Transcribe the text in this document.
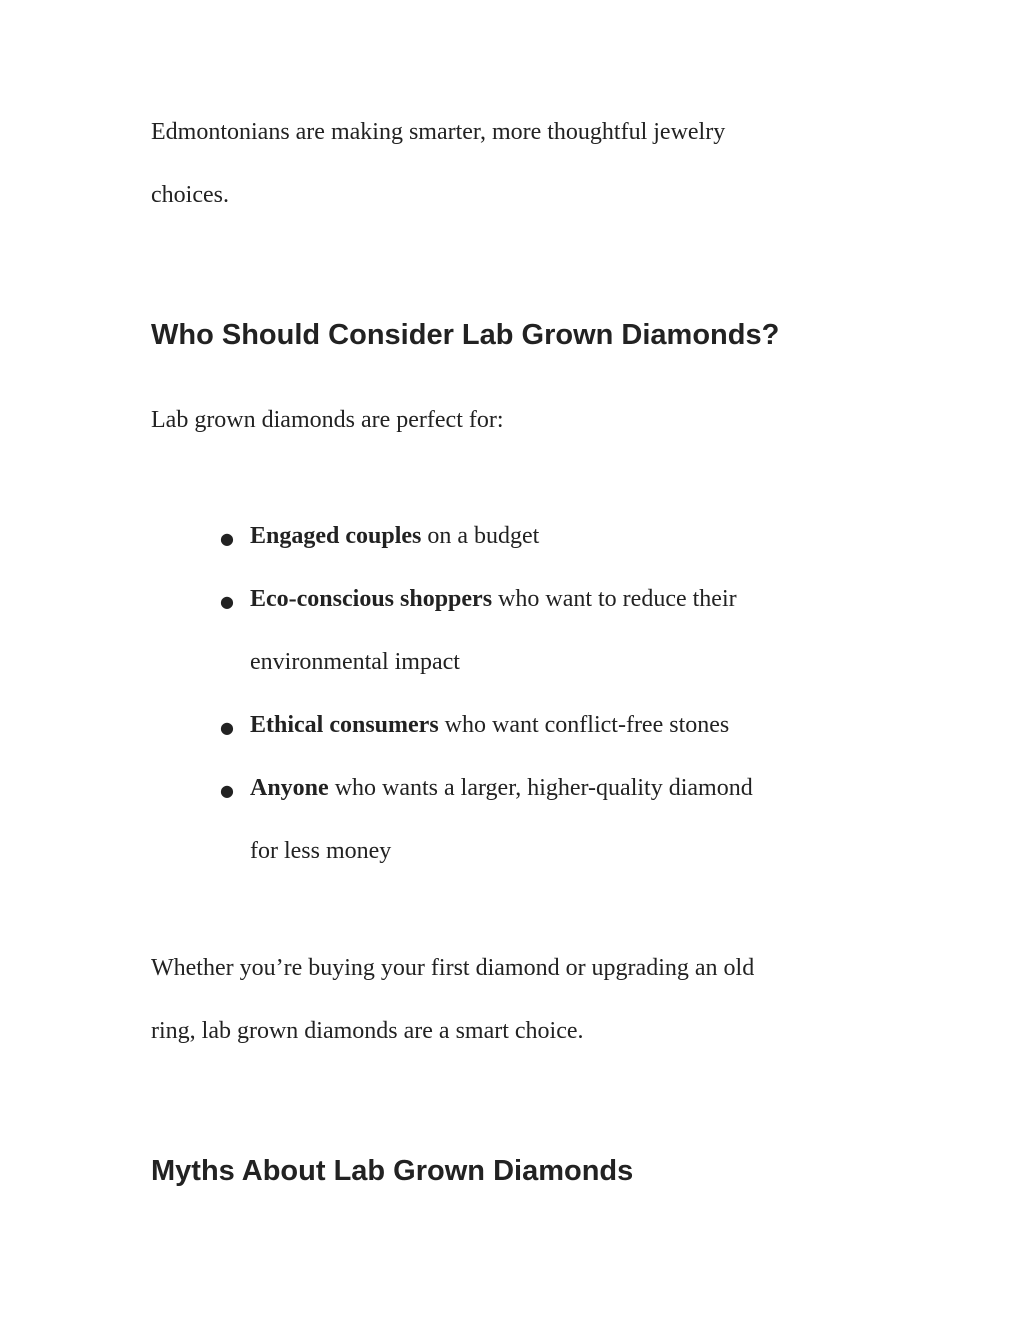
Edmontonians are making smarter, more thoughtful jewelry
choices.
Who Should Consider Lab Grown Diamonds?
Lab grown diamonds are perfect for:
● Engaged couples on a budget
● Eco-conscious shoppers who want to reduce their
environmental impact
● Ethical consumers who want conflict-free stones
● Anyone who wants a larger, higher-quality diamond
for less money
Whether you’re buying your first diamond or upgrading an old
ring, lab grown diamonds are a smart choice.
Myths About Lab Grown Diamonds
